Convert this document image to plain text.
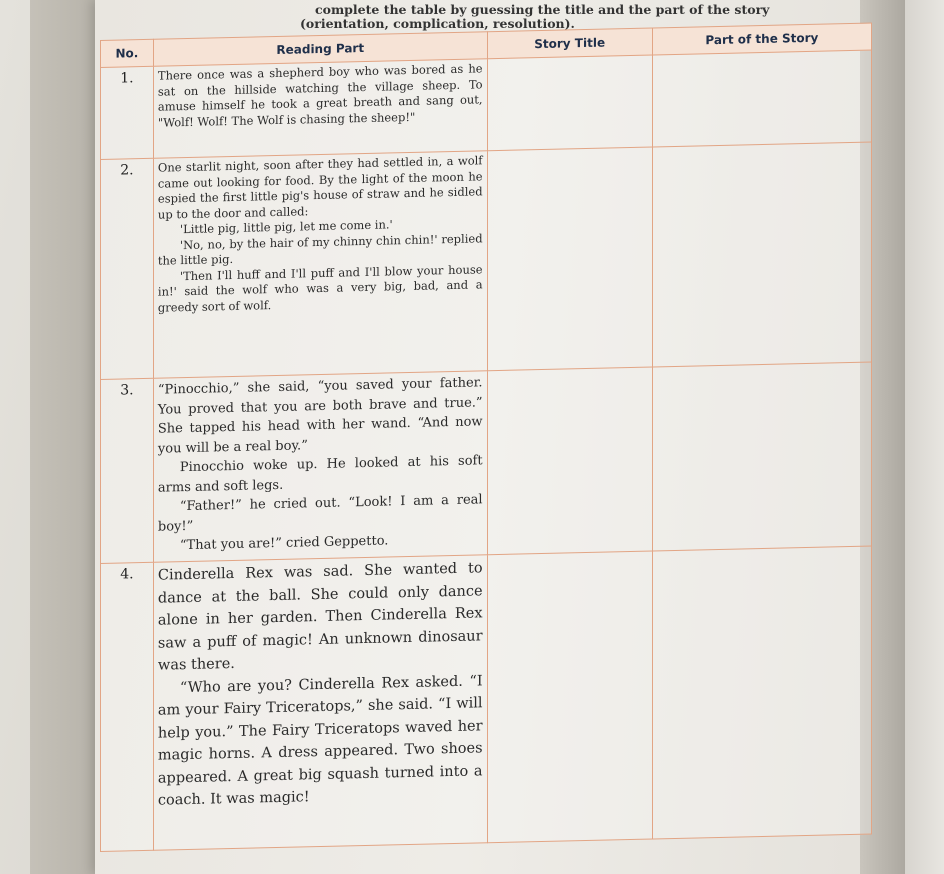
complete the table by guessing the title and the part of the story

(orientation, complication, resolution).

No.	Reading Part	Story Title	Part of the Story
1.	There once was a shepherd boy who was bored as he sat on the hillside watching the village sheep. To amuse himself he took a great breath and sang out, "Wolf! Wolf! The Wolf is chasing the sheep!"		

2.	One starlit night, soon after they had settled in, a wolf came out looking for food. By the light of the moon he espied the first little pig's house of straw and he sidled up to the door and called:

'Little pig, little pig, let me come in.'

'No, no, by the hair of my chinny chin chin!' replied the little pig.

'Then I'll huff and I'll puff and I'll blow your house in!' said the wolf who was a very big, bad, and a greedy sort of wolf.		

3.	“Pinocchio,” she said, “you saved your father. You proved that you are both brave and true.” She tapped his head with her wand. “And now you will be a real boy.”

Pinocchio woke up. He looked at his soft arms and soft legs.

“Father!” he cried out. “Look! I am a real boy!”

“That you are!” cried Geppetto.		

4.	Cinderella Rex was sad. She wanted to dance at the ball. She could only dance alone in her garden. Then Cinderella Rex saw a puff of magic! An unknown dinosaur was there.

“Who are you? Cinderella Rex asked. “I am your Fairy Triceratops,” she said. “I will help you.” The Fairy Triceratops waved her magic horns. A dress appeared. Two shoes appeared. A great big squash turned into a coach. It was magic!		
